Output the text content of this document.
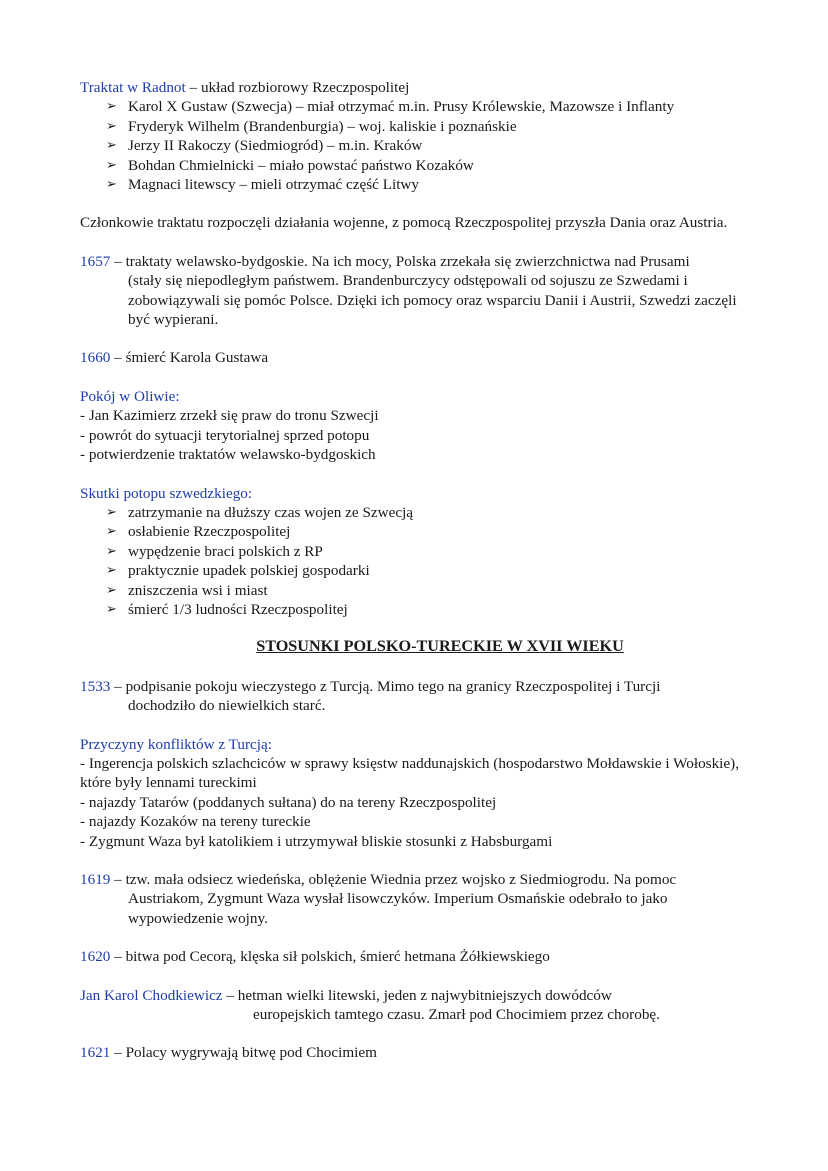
Traktat w Radnot – układ rozbiorowy Rzeczpospolitej

➢ Karol X Gustaw (Szwecja) – miał otrzymać m.in. Prusy Królewskie, Mazowsze i Inflanty
➢ Fryderyk Wilhelm (Brandenburgia) – woj. kaliskie i poznańskie
➢ Jerzy II Rakoczy (Siedmiogród) – m.in. Kraków
➢ Bohdan Chmielnicki – miało powstać państwo Kozaków
➢ Magnaci litewscy – mieli otrzymać część Litwy

Członkowie traktatu rozpoczęli działania wojenne, z pomocą Rzeczpospolitej przyszła Dania oraz Austria.

1657 – traktaty welawsko-bydgoskie. Na ich mocy, Polska zrzekała się zwierzchnictwa nad Prusami

(stały się niepodległym państwem. Brandenburczycy odstępowali od sojuszu ze Szwedami i zobowiązywali się pomóc Polsce. Dzięki ich pomocy oraz wsparciu Danii i Austrii, Szwedzi zaczęli być wypierani.

1660 – śmierć Karola Gustawa

Pokój w Oliwie:

- Jan Kazimierz zrzekł się praw do tronu Szwecji

- powrót do sytuacji terytorialnej sprzed potopu

- potwierdzenie traktatów welawsko-bydgoskich

Skutki potopu szwedzkiego:

➢ zatrzymanie na dłuższy czas wojen ze Szwecją
➢ osłabienie Rzeczpospolitej
➢ wypędzenie braci polskich z RP
➢ praktycznie upadek polskiej gospodarki
➢ zniszczenia wsi i miast
➢ śmierć 1/3 ludności Rzeczpospolitej

STOSUNKI POLSKO-TURECKIE W XVII WIEKU

1533 – podpisanie pokoju wieczystego z Turcją. Mimo tego na granicy Rzeczpospolitej i Turcji

dochodziło do niewielkich starć.

Przyczyny konfliktów z Turcją:

- Ingerencja polskich szlachciców w sprawy księstw naddunajskich (hospodarstwo Mołdawskie i Wołoskie), które były lennami tureckimi

- najazdy Tatarów (poddanych sułtana) do na tereny Rzeczpospolitej

- najazdy Kozaków na tereny tureckie

- Zygmunt Waza był katolikiem i utrzymywał bliskie stosunki z Habsburgami

1619 – tzw. mała odsiecz wiedeńska, oblężenie Wiednia przez wojsko z Siedmiogrodu. Na pomoc

Austriakom, Zygmunt Waza wysłał lisowczyków. Imperium Osmańskie odebrało to jako wypowiedzenie wojny.

1620 – bitwa pod Cecorą, klęska sił polskich, śmierć hetmana Żółkiewskiego

Jan Karol Chodkiewicz – hetman wielki litewski, jeden z najwybitniejszych dowódców

europejskich tamtego czasu. Zmarł pod Chocimiem przez chorobę.

1621 – Polacy wygrywają bitwę pod Chocimiem
